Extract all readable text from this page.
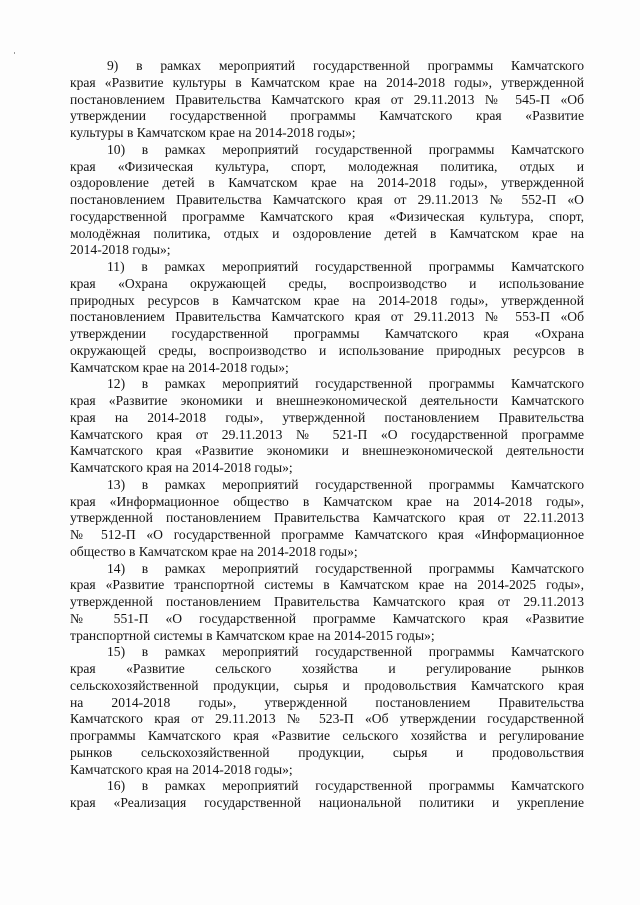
9) в рамках мероприятий государственной программы Камчатского
края «Развитие культуры в Камчатском крае на 2014-2018 годы», утвержденной
постановлением Правительства Камчатского края от 29.11.2013 № 545-П «Об
утверждении государственной программы Камчатского края «Развитие
культуры в Камчатском крае на 2014-2018 годы»;
10) в рамках мероприятий государственной программы Камчатского
края «Физическая культура, спорт, молодежная политика, отдых и
оздоровление детей в Камчатском крае на 2014-2018 годы», утвержденной
постановлением Правительства Камчатского края от 29.11.2013 № 552-П «О
государственной программе Камчатского края «Физическая культура, спорт,
молодёжная политика, отдых и оздоровление детей в Камчатском крае на
2014-2018 годы»;
11) в рамках мероприятий государственной программы Камчатского
края «Охрана окружающей среды, воспроизводство и использование
природных ресурсов в Камчатском крае на 2014-2018 годы», утвержденной
постановлением Правительства Камчатского края от 29.11.2013 № 553-П «Об
утверждении государственной программы Камчатского края «Охрана
окружающей среды, воспроизводство и использование природных ресурсов в
Камчатском крае на 2014-2018 годы»;
12) в рамках мероприятий государственной программы Камчатского
края «Развитие экономики и внешнеэкономической деятельности Камчатского
края на 2014-2018 годы», утвержденной постановлением Правительства
Камчатского края от 29.11.2013 № 521-П «О государственной программе
Камчатского края «Развитие экономики и внешнеэкономической деятельности
Камчатского края на 2014-2018 годы»;
13) в рамках мероприятий государственной программы Камчатского
края «Информационное общество в Камчатском крае на 2014-2018 годы»,
утвержденной постановлением Правительства Камчатского края от 22.11.2013
№ 512-П «О государственной программе Камчатского края «Информационное
общество в Камчатском крае на 2014-2018 годы»;
14) в рамках мероприятий государственной программы Камчатского
края «Развитие транспортной системы в Камчатском крае на 2014-2025 годы»,
утвержденной постановлением Правительства Камчатского края от 29.11.2013
№ 551-П «О государственной программе Камчатского края «Развитие
транспортной системы в Камчатском крае на 2014-2015 годы»;
15) в рамках мероприятий государственной программы Камчатского
края «Развитие сельского хозяйства и регулирование рынков
сельскохозяйственной продукции, сырья и продовольствия Камчатского края
на 2014-2018 годы», утвержденной постановлением Правительства
Камчатского края от 29.11.2013 № 523-П «Об утверждении государственной
программы Камчатского края «Развитие сельского хозяйства и регулирование
рынков сельскохозяйственной продукции, сырья и продовольствия
Камчатского края на 2014-2018 годы»;
16) в рамках мероприятий государственной программы Камчатского
края «Реализация государственной национальной политики и укрепление
